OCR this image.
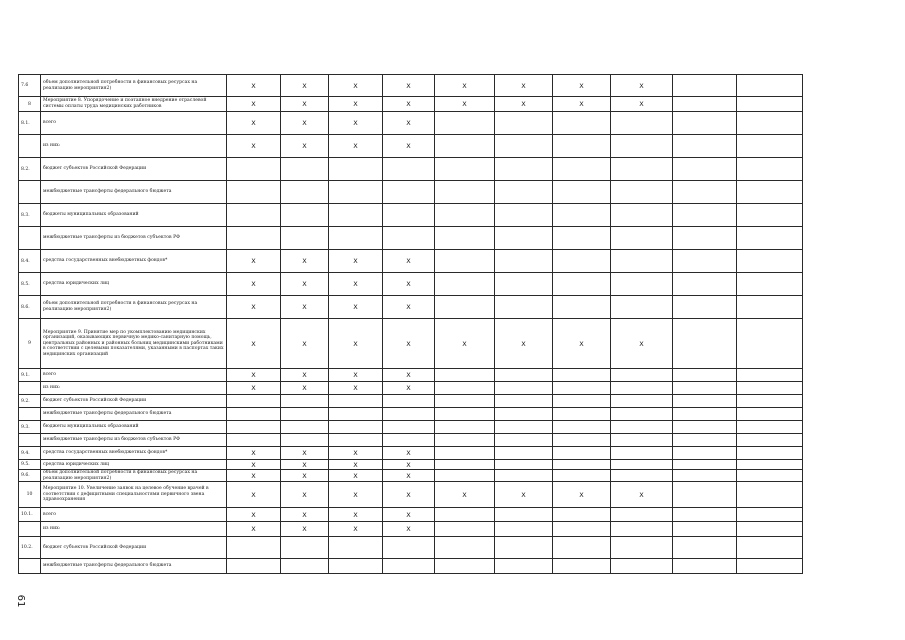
7.6	объем дополнительной потребности в финансовых ресурсах на реализацию мероприятия2)	X	X	X	X	X	X	X	X		
8	Мероприятие 8. Упорядочение и поэтапное внедрение отраслевой системы оплаты труда медицинских работников	X	X	X	X	X	X	X	X		
8.1.	всего	X	X	X	X						
	из них:	X	X	X	X						
8.2.	бюджет субъектов Российской Федерации										
	межбюджетные трансферты федерального бюджета										
8.3.	бюджеты муниципальных образований										
	межбюджетные трансферты из бюджетов субъектов РФ										
8.4.	средства государственных внебюджетных фондов*	X	X	X	X						
8.5.	средства юридических лиц	X	X	X	X						
8.6.	объем дополнительной потребности в финансовых ресурсах на реализацию мероприятия2)	X	X	X	X						
9	Мероприятие 9. Принятие мер по укомплектованию медицинских организаций, оказывающих первичную медико-санитарную помощь, центральных районных и районных больниц медицинскими работниками в соответствии с целевыми показателями, указанными в паспортах таких медицинских организаций	X	X	X	X	X	X	X	X		
9.1.	всего	X	X	X	X						
	из них:	X	X	X	X						
9.2.	бюджет субъектов Российской Федерации										
	межбюджетные трансферты федерального бюджета										
9.3.	бюджеты муниципальных образований										
	межбюджетные трансферты из бюджетов субъектов РФ										
9.4.	средства государственных внебюджетных фондов*	X	X	X	X						
9.5.	средства юридических лиц	X	X	X	X						
9.6.	объем дополнительной потребности в финансовых ресурсах на реализацию мероприятия2)	X	X	X	X						
10	Мероприятие 10. Увеличение заявок на целевое обучение врачей в соответствии с дефицитными специальностями первичного звена здравоохранения	X	X	X	X	X	X	X	X		
10.1.	всего	X	X	X	X						
	из них:	X	X	X	X						
10.2.	бюджет субъектов Российской Федерации										
	межбюджетные трансферты федерального бюджета										
61
